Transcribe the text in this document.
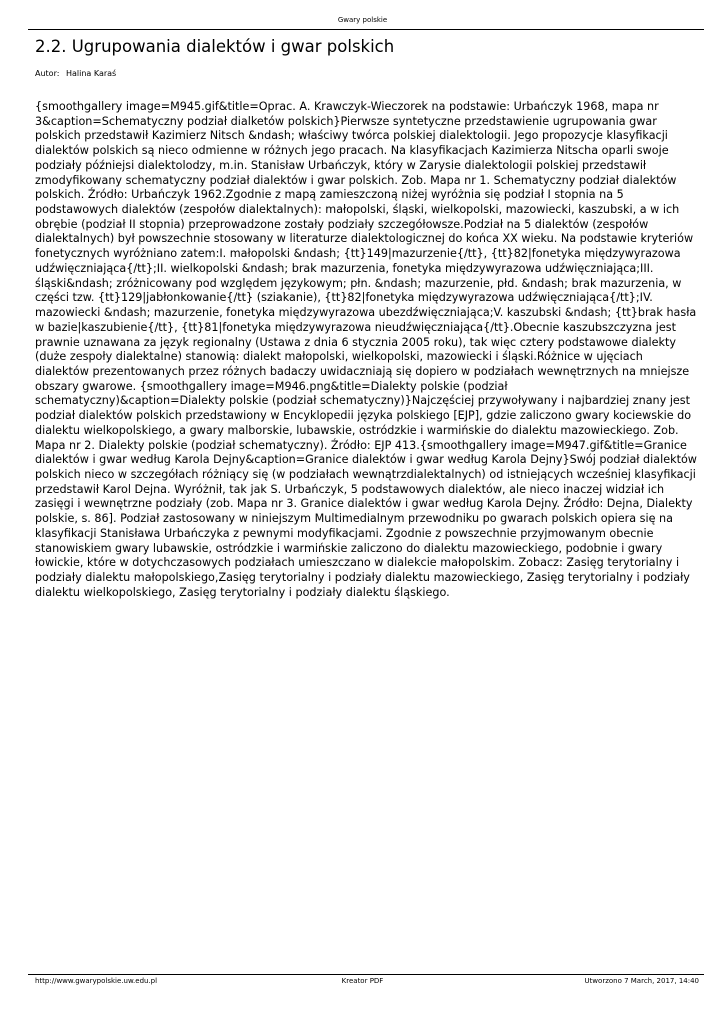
Gwary polskie
2.2. Ugrupowania dialektów i gwar polskich
Autor: Halina Karaś

{smoothgallery image=M945.gif&title=Oprac. A. Krawczyk-Wieczorek na podstawie: Urbańczyk 1968, mapa nr 3&caption=Schematyczny podział dialketów polskich}Pierwsze syntetyczne przedstawienie ugrupowania gwar polskich przedstawił Kazimierz Nitsch &ndash; właściwy twórca polskiej dialektologii. Jego propozycje klasyfikacji dialektów polskich są nieco odmienne w różnych jego pracach. Na klasyfikacjach Kazimierza Nitscha oparli swoje podziały późniejsi dialektolodzy, m.in. Stanisław Urbańczyk, który w Zarysie dialektologii polskiej przedstawił zmodyfikowany schematyczny podział dialektów i gwar polskich. Zob. Mapa nr 1. Schematyczny podział dialektów polskich. Źródło: Urbańczyk 1962.Zgodnie z mapą zamieszczoną niżej wyróżnia się podział I stopnia na 5 podstawowych dialektów (zespołów dialektalnych): małopolski, śląski, wielkopolski, mazowiecki, kaszubski, a w ich obrębie (podział II stopnia) przeprowadzone zostały podziały szczegółowsze.Podział na 5 dialektów (zespołów dialektalnych) był powszechnie stosowany w literaturze dialektologicznej do końca XX wieku. Na podstawie kryteriów fonetycznych wyróżniano zatem:I. małopolski &ndash; {tt}149|mazurzenie{/tt}, {tt}82|fonetyka międzywyrazowa udźwięczniająca{/tt};II. wielkopolski &ndash; brak mazurzenia, fonetyka międzywyrazowa udźwięczniająca;III. śląski&ndash; zróżnicowany pod względem językowym; płn. &ndash; mazurzenie, płd. &ndash; brak mazurzenia, w części tzw. {tt}129|jabłonkowanie{/tt} (sziakanie), {tt}82|fonetyka międzywyrazowa udźwięczniająca{/tt};IV. mazowiecki &ndash; mazurzenie, fonetyka międzywyrazowa ubezdźwięczniająca;V. kaszubski &ndash; {tt}brak hasła w bazie|kaszubienie{/tt}, {tt}81|fonetyka międzywyrazowa nieudźwięczniająca{/tt}.Obecnie kaszubszczyzna jest prawnie uznawana za język regionalny (Ustawa z dnia 6 stycznia 2005 roku), tak więc cztery podstawowe dialekty (duże zespoły dialektalne) stanowią: dialekt małopolski, wielkopolski, mazowiecki i śląski.Różnice w ujęciach dialektów prezentowanych przez różnych badaczy uwidaczniają się dopiero w podziałach wewnętrznych na mniejsze obszary gwarowe. {smoothgallery image=M946.png&title=Dialekty polskie (podział schematyczny)&caption=Dialekty polskie (podział schematyczny)}Najczęściej przywoływany i najbardziej znany jest podział dialektów polskich przedstawiony w Encyklopedii języka polskiego [EJP], gdzie zaliczono gwary kociewskie do dialektu wielkopolskiego, a gwary malborskie, lubawskie, ostródzkie i warmińskie do dialektu mazowieckiego. Zob. Mapa nr 2. Dialekty polskie (podział schematyczny). Źródło: EJP 413.{smoothgallery image=M947.gif&title=Granice dialektów i gwar według Karola Dejny&caption=Granice dialektów i gwar według Karola Dejny}Swój podział dialektów polskich nieco w szczegółach różniący się (w podziałach wewnątrzdialektalnych) od istniejących wcześniej klasyfikacji przedstawił Karol Dejna. Wyróżnił, tak jak S. Urbańczyk, 5 podstawowych dialektów, ale nieco inaczej widział ich zasięgi i wewnętrzne podziały (zob. Mapa nr 3. Granice dialektów i gwar według Karola Dejny. Źródło: Dejna, Dialekty polskie, s. 86]. Podział zastosowany w niniejszym Multimedialnym przewodniku po gwarach polskich opiera się na klasyfikacji Stanisława Urbańczyka z pewnymi modyfikacjami. Zgodnie z powszechnie przyjmowanym obecnie stanowiskiem gwary lubawskie, ostródzkie i warmińskie zaliczono do dialektu mazowieckiego, podobnie i gwary łowickie, które w dotychczasowych podziałach umieszczano w dialekcie małopolskim. Zobacz: Zasięg terytorialny i podziały dialektu małopolskiego,Zasięg terytorialny i podziały dialektu mazowieckiego, Zasięg terytorialny i podziały dialektu wielkopolskiego, Zasięg terytorialny i podziały dialektu śląskiego.

http://www.gwarypolskie.uw.edu.pl	Kreator PDF	Utworzono 7 March, 2017, 14:40
